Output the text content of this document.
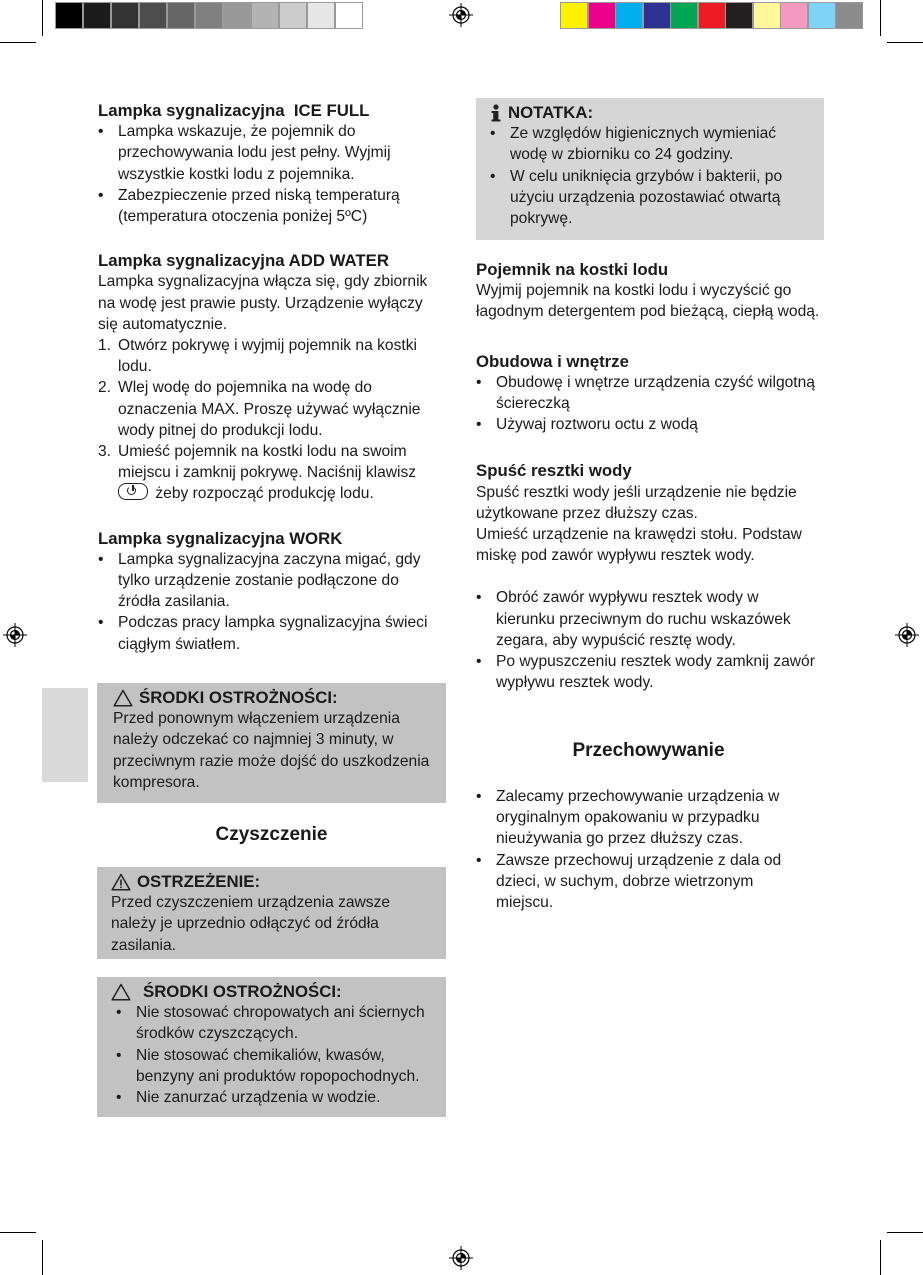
Lampka sygnalizacyjna  ICE FULL
• Lampka wskazuje, że pojemnik do przechowywania lodu jest pełny. Wyjmij wszystkie kostki lodu z pojemnika.
• Zabezpieczenie przed niską temperaturą (temperatura otoczenia poniżej 5ºC)
Lampka sygnalizacyjna ADD WATER
Lampka sygnalizacyjna włącza się, gdy zbiornik na wodę jest prawie pusty. Urządzenie wyłączy się automatycznie.
1. Otwórz pokrywę i wyjmij pojemnik na kostki lodu.
2. Wlej wodę do pojemnika na wodę do oznaczenia MAX. Proszę używać wyłącznie wody pitnej do produkcji lodu.
3. Umieść pojemnik na kostki lodu na swoim miejscu i zamknij pokrywę. Naciśnij klawisz
żeby rozpocząć produkcję lodu.
Lampka sygnalizacyjna WORK
• Lampka sygnalizacyjna zaczyna migać, gdy tylko urządzenie zostanie podłączone do źródła zasilania.
• Podczas pracy lampka sygnalizacyjna świeci ciągłym światłem.
ŚRODKI OSTROŻNOŚCI:
Przed ponownym włączeniem urządzenia należy odczekać co najmniej 3 minuty, w przeciwnym razie może dojść do uszkodzenia kompresora.
Czyszczenie
OSTRZEŻENIE:
Przed czyszczeniem urządzenia zawsze należy je uprzednio odłączyć od źródła zasilania.
ŚRODKI OSTROŻNOŚCI:
• Nie stosować chropowatych ani ściernych środków czyszczących.
• Nie stosować chemikaliów, kwasów, benzyny ani produktów ropopochodnych.
• Nie zanurzać urządzenia w wodzie.
NOTATKA:
• Ze względów higienicznych wymieniać wodę w zbiorniku co 24 godziny.
• W celu uniknięcia grzybów i bakterii, po użyciu urządzenia pozostawiać otwartą pokrywę.
Pojemnik na kostki lodu
Wyjmij pojemnik na kostki lodu i wyczyścić go łagodnym detergentem pod bieżącą, ciepłą wodą.
Obudowa i wnętrze
• Obudowę i wnętrze urządzenia czyść wilgotną ściereczką
• Używaj roztworu octu z wodą
Spuść resztki wody
Spuść resztki wody jeśli urządzenie nie będzie użytkowane przez dłuższy czas.
Umieść urządzenie na krawędzi stołu. Podstaw miskę pod zawór wypływu resztek wody.
• Obróć zawór wypływu resztek wody w kierunku przeciwnym do ruchu wskazówek zegara, aby wypuścić resztę wody.
• Po wypuszczeniu resztek wody zamknij zawór wypływu resztek wody.
Przechowywanie
• Zalecamy przechowywanie urządzenia w oryginalnym opakowaniu w przypadku nieużywania go przez dłuższy czas.
• Zawsze przechowuj urządzenie z dala od dzieci, w suchym, dobrze wietrzonym miejscu.
